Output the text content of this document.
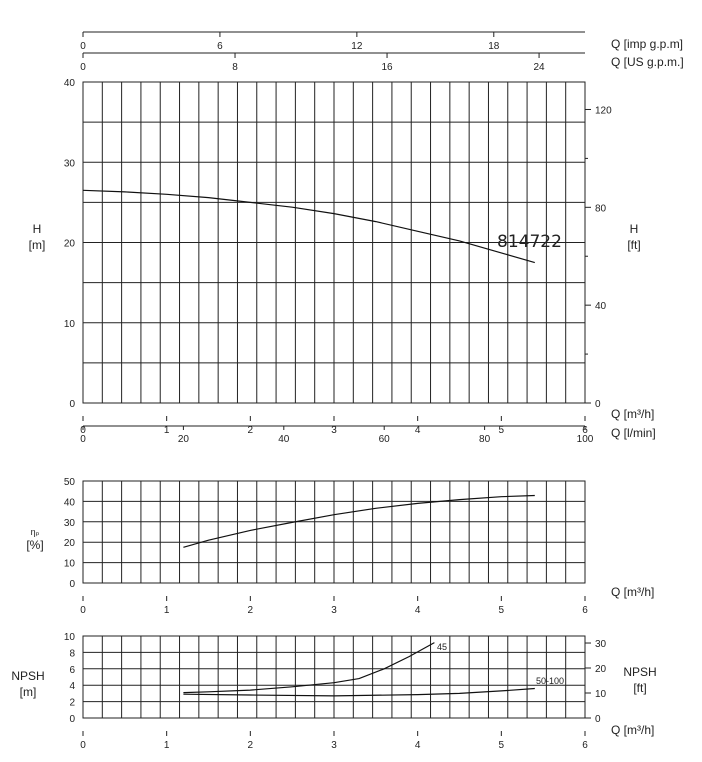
0	6	12	18
0	8	16	24
0
10
20
30
40
0	1	2	3	4	5	6
0
40
80
120
0	20	40	60	80	100
0
10
20
30
40
50
0	1	2	3	4	5	6
0
2
4
6
8
10
0	1	2	3	4	5	6
0
10
20
30
Q [imp g.p.m]
Q [US g.p.m.]
H
[m]
H
[ft]
814722
Q [m³/h]
Q [l/min]
ηₚ
[%]
Q [m³/h]
NPSH
[m]
NPSH
[ft]
Q [m³/h]
45
50-100
